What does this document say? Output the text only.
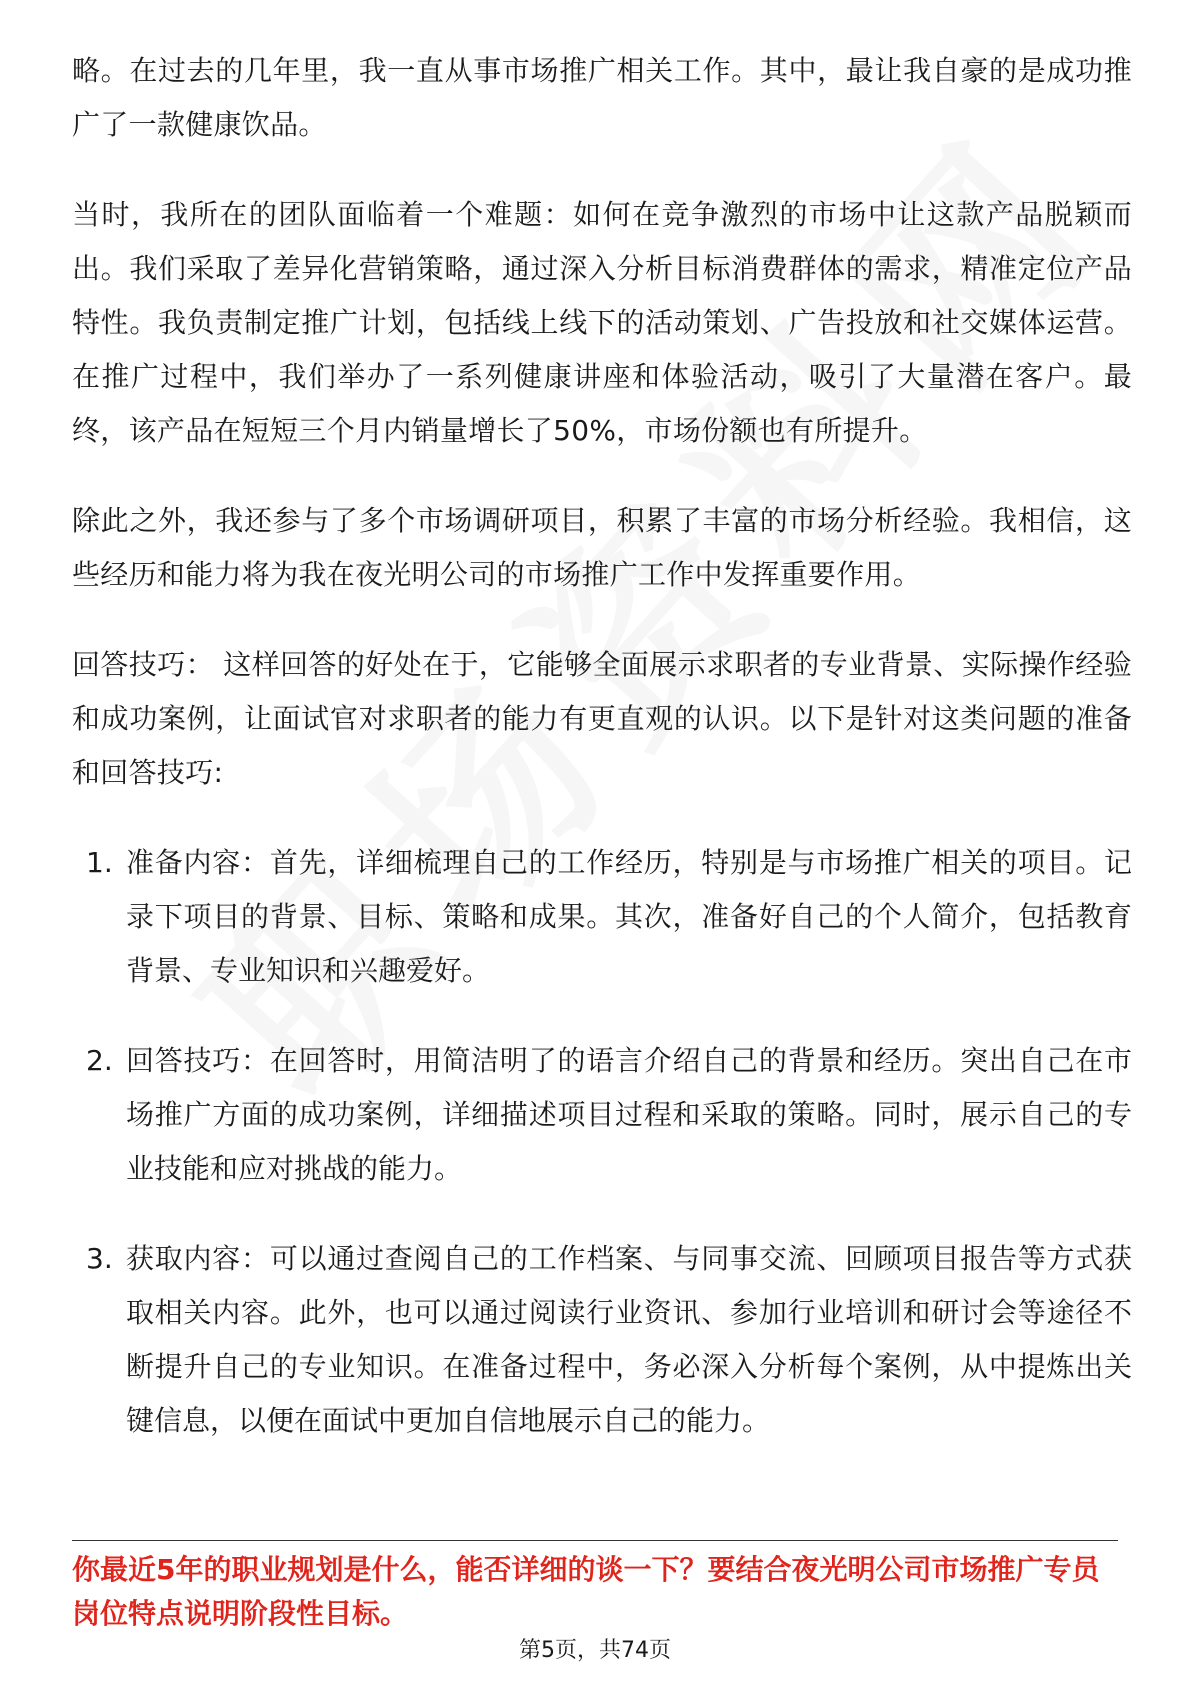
略。在过去的几年里，我一直从事市场推广相关工作。其中，最让我自豪的是成功推广了一款健康饮品。

当时，我所在的团队面临着一个难题：如何在竞争激烈的市场中让这款产品脱颖而出。我们采取了差异化营销策略，通过深入分析目标消费群体的需求，精准定位产品特性。我负责制定推广计划，包括线上线下的活动策划、广告投放和社交媒体运营。在推广过程中，我们举办了一系列健康讲座和体验活动，吸引了大量潜在客户。最终，该产品在短短三个月内销量增长了50%，市场份额也有所提升。

除此之外，我还参与了多个市场调研项目，积累了丰富的市场分析经验。我相信，这些经历和能力将为我在夜光明公司的市场推广工作中发挥重要作用。

回答技巧： 这样回答的好处在于，它能够全面展示求职者的专业背景、实际操作经验和成功案例，让面试官对求职者的能力有更直观的认识。以下是针对这类问题的准备和回答技巧:

1. 准备内容：首先，详细梳理自己的工作经历，特别是与市场推广相关的项目。记录下项目的背景、目标、策略和成果。其次，准备好自己的个人简介，包括教育背景、专业知识和兴趣爱好。
2. 回答技巧：在回答时，用简洁明了的语言介绍自己的背景和经历。突出自己在市场推广方面的成功案例，详细描述项目过程和采取的策略。同时，展示自己的专业技能和应对挑战的能力。
3. 获取内容：可以通过查阅自己的工作档案、与同事交流、回顾项目报告等方式获取相关内容。此外，也可以通过阅读行业资讯、参加行业培训和研讨会等途径不断提升自己的专业知识。在准备过程中，务必深入分析每个案例，从中提炼出关键信息，以便在面试中更加自信地展示自己的能力。
你最近5年的职业规划是什么，能否详细的谈一下？要结合夜光明公司市场推广专员岗位特点说明阶段性目标。
第5页，共74页
